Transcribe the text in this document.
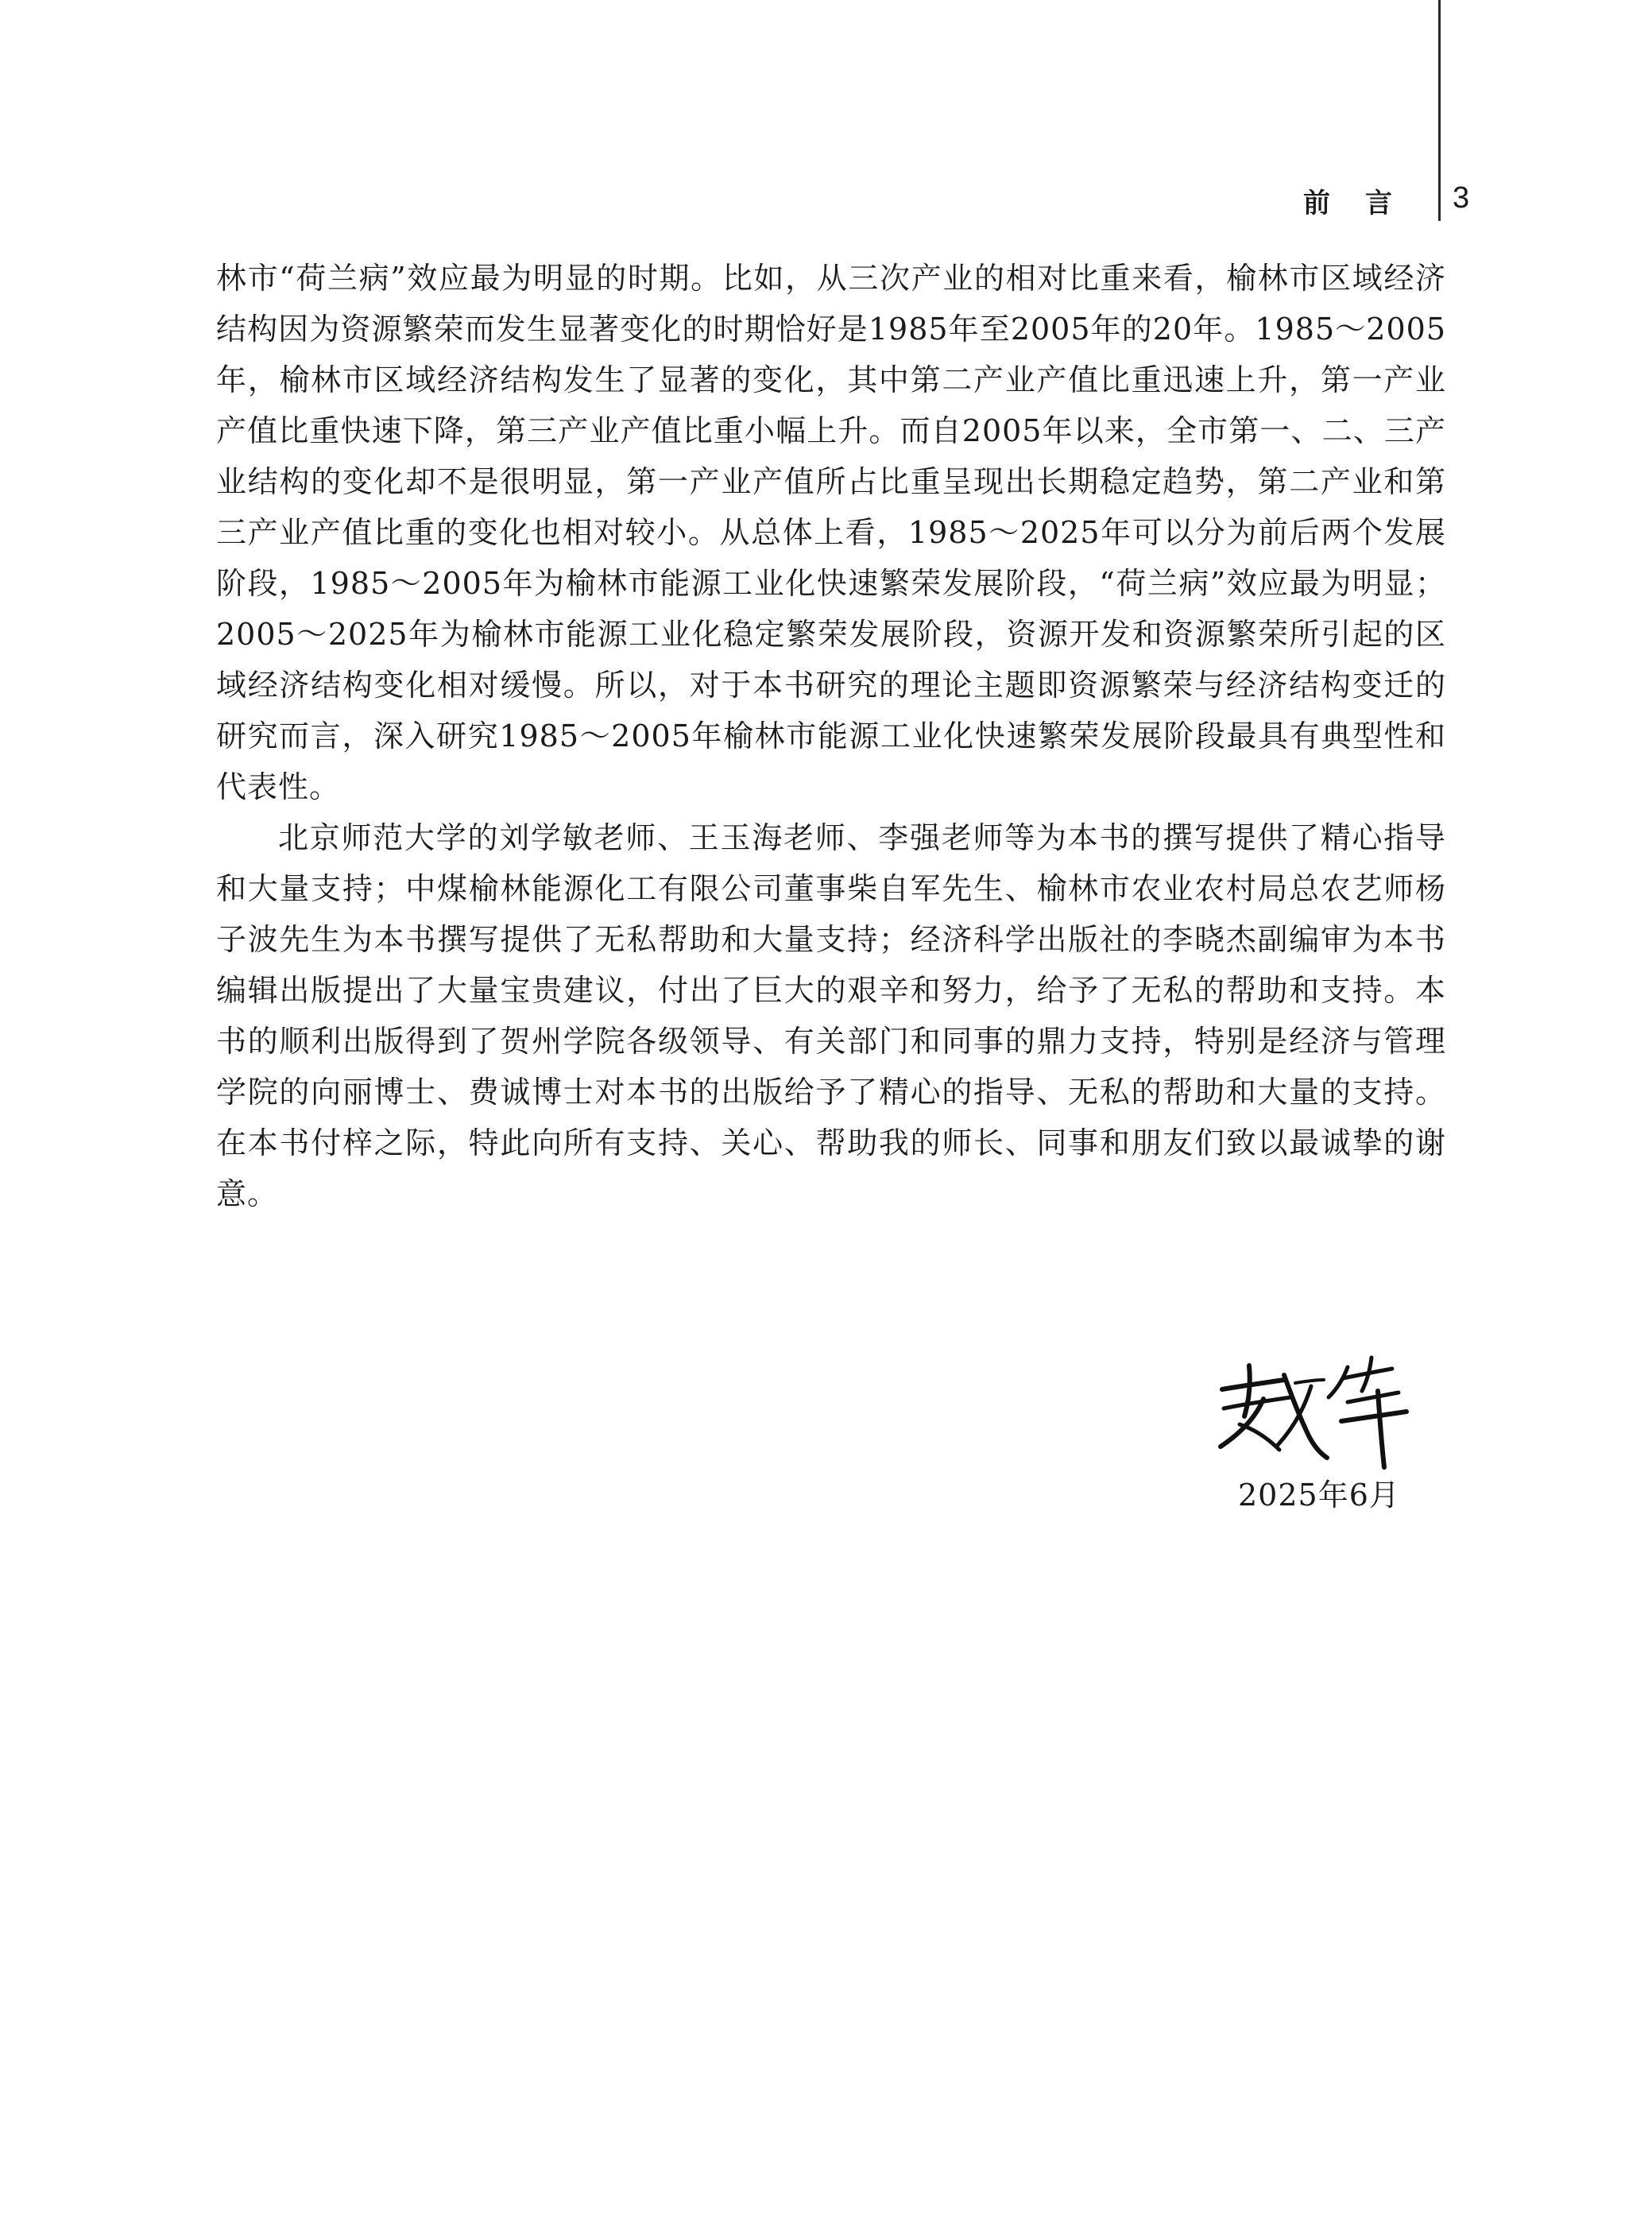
前言 3

林市“荷兰病”效应最为明显的时期。比如，从三次产业的相对比重来看，榆林市区域经济结构因为资源繁荣而发生显著变化的时期恰好是1985年至2005年的20年。1985～2005年，榆林市区域经济结构发生了显著的变化，其中第二产业产值比重迅速上升，第一产业产值比重快速下降，第三产业产值比重小幅上升。而自2005年以来，全市第一、二、三产业结构的变化却不是很明显，第一产业产值所占比重呈现出长期稳定趋势，第二产业和第三产业产值比重的变化也相对较小。从总体上看，1985～2025年可以分为前后两个发展阶段，1985～2005年为榆林市能源工业化快速繁荣发展阶段，“荷兰病”效应最为明显；2005～2025年为榆林市能源工业化稳定繁荣发展阶段，资源开发和资源繁荣所引起的区域经济结构变化相对缓慢。所以，对于本书研究的理论主题即资源繁荣与经济结构变迁的研究而言，深入研究1985～2005年榆林市能源工业化快速繁荣发展阶段最具有典型性和代表性。

北京师范大学的刘学敏老师、王玉海老师、李强老师等为本书的撰写提供了精心指导和大量支持；中煤榆林能源化工有限公司董事柴自军先生、榆林市农业农村局总农艺师杨子波先生为本书撰写提供了无私帮助和大量支持；经济科学出版社的李晓杰副编审为本书编辑出版提出了大量宝贵建议，付出了巨大的艰辛和努力，给予了无私的帮助和支持。本书的顺利出版得到了贺州学院各级领导、有关部门和同事的鼎力支持，特别是经济与管理学院的向丽博士、费诚博士对本书的出版给予了精心的指导、无私的帮助和大量的支持。在本书付梓之际，特此向所有支持、关心、帮助我的师长、同事和朋友们致以最诚挚的谢意。

2025年6月
